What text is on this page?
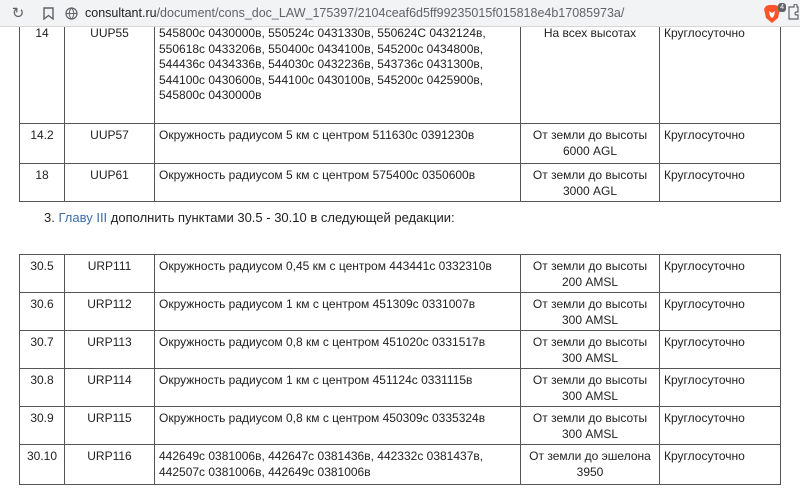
↻	consultant.ru/document/cons_doc_LAW_175397/2104ceaf6d5ff99235015f015818e4b17085973a/	4
14	UUP55	545800с 0430000в, 550524с 0431330в, 550624С 0432124в, 550618с 0433206в, 550400с 0434100в, 545200с 0434800в, 544436с 0434336в, 544030с 0432236в, 543736с 0431300в, 544100с 0430600в, 544100с 0430100в, 545200с 0425900в, 545800с 0430000в	На всех высотах	Круглосуточно
14.2	UUP57	Окружность радиусом 5 км с центром 511630с 0391230в	От земли до высоты 6000 AGL	Круглосуточно
18	UUP61	Окружность радиусом 5 км с центром 575400с 0350600в	От земли до высоты 3000 AGL	Круглосуточно
3. Главу III дополнить пунктами 30.5 - 30.10 в следующей редакции:
30.5	URP111	Окружность радиусом 0,45 км с центром 443441с 0332310в	От земли до высоты 200 AMSL	Круглосуточно
30.6	URP112	Окружность радиусом 1 км с центром 451309с 0331007в	От земли до высоты 300 AMSL	Круглосуточно
30.7	URP113	Окружность радиусом 0,8 км с центром 451020с 0331517в	От земли до высоты 300 AMSL	Круглосуточно
30.8	URP114	Окружность радиусом 1 км с центром 451124с 0331115в	От земли до высоты 300 AMSL	Круглосуточно
30.9	URP115	Окружность радиусом 0,8 км с центром 450309с 0335324в	От земли до высоты 300 AMSL	Круглосуточно
30.10	URP116	442649с 0381006в, 442647с 0381436в, 442332с 0381437в, 442507с 0381006в, 442649с 0381006в	От земли до эшелона 3950	Круглосуточно
